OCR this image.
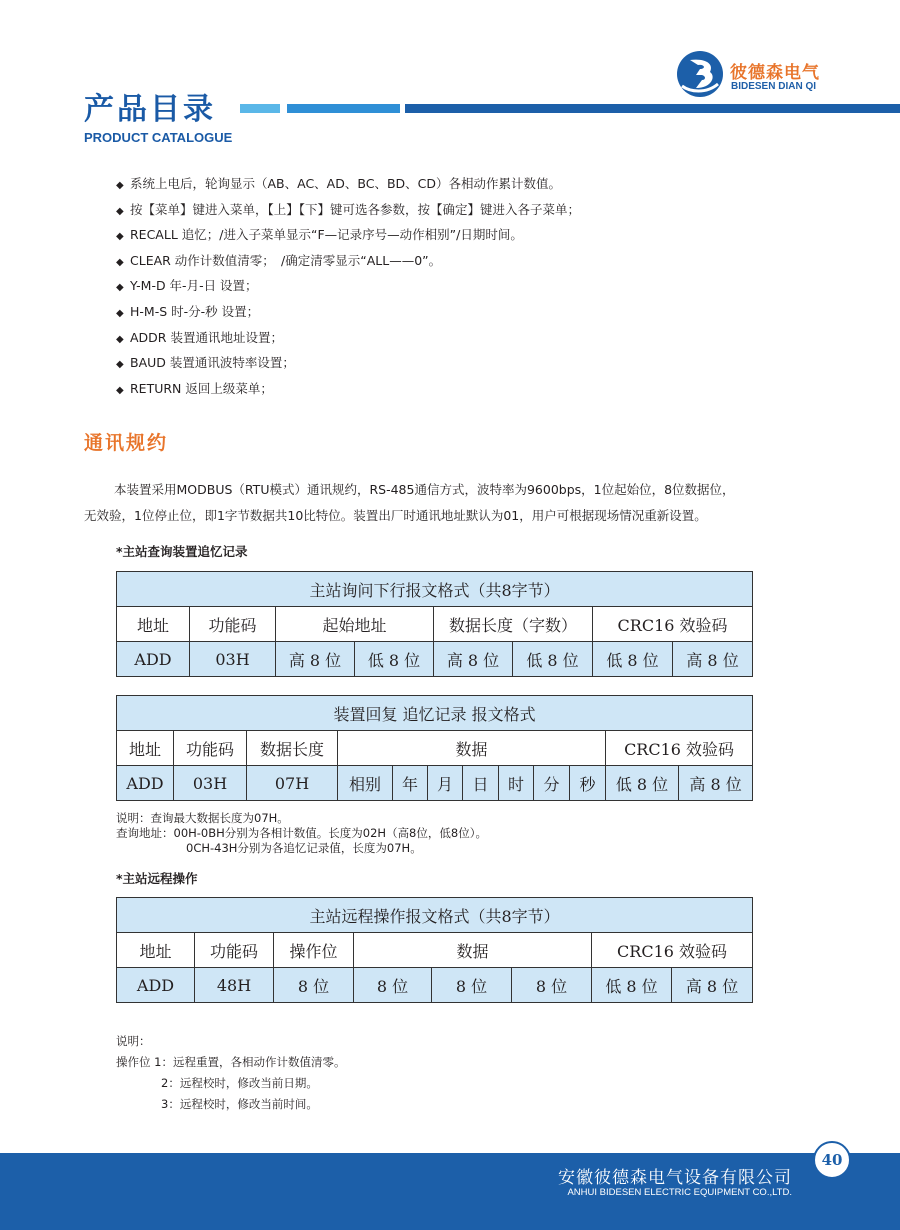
彼德森电气
BIDESEN DIAN QI
产品目录
PRODUCT CATALOGUE
◆ 系统上电后，轮询显示（AB、AC、AD、BC、BD、CD）各相动作累计数值。
◆ 按【菜单】键进入菜单，【上】【下】键可选各参数，按【确定】键进入各子菜单；
◆ RECALL 追忆；/进入子菜单显示“F—记录序号—动作相别”/日期时间。
◆ CLEAR 动作计数值清零；　/确定清零显示“ALL——0”。
◆ Y-M-D 年-月-日 设置；
◆ H-M-S 时-分-秒 设置；
◆ ADDR 装置通讯地址设置；
◆ BAUD 装置通讯波特率设置；
◆ RETURN 返回上级菜单；
通讯规约
本装置采用MODBUS（RTU模式）通讯规约，RS-485通信方式，波特率为9600bps，1位起始位，8位数据位，
无效验，1位停止位，即1字节数据共10比特位。装置出厂时通讯地址默认为01，用户可根据现场情况重新设置。
*主站查询装置追忆记录
主站询问下行报文格式（共8字节）							
地址	功能码	起始地址		数据长度（字数）		CRC16 效验码	
ADD	03H	高 8 位	低 8 位	高 8 位	低 8 位	低 8 位	高 8 位
装置回复 追忆记录 报文格式											
地址	功能码	数据长度	数据							CRC16 效验码	
ADD	03H	07H	相别	年	月	日	时	分	秒	低 8 位	高 8 位
说明：查询最大数据长度为07H。
查询地址：00H-0BH分别为各相计数值。长度为02H（高8位，低8位）。
0CH-43H分别为各追忆记录值，长度为07H。
*主站远程操作
主站远程操作报文格式（共8字节）							
地址	功能码	操作位	数据			CRC16 效验码	
ADD	48H	8 位	8 位	8 位	8 位	低 8 位	高 8 位
说明：
操作位 1：远程重置，各相动作计数值清零。
2：远程校时，修改当前日期。
3：远程校时，修改当前时间。
安徽彼德森电气设备有限公司
ANHUI BIDESEN ELECTRIC EQUIPMENT CO.,LTD.
40
